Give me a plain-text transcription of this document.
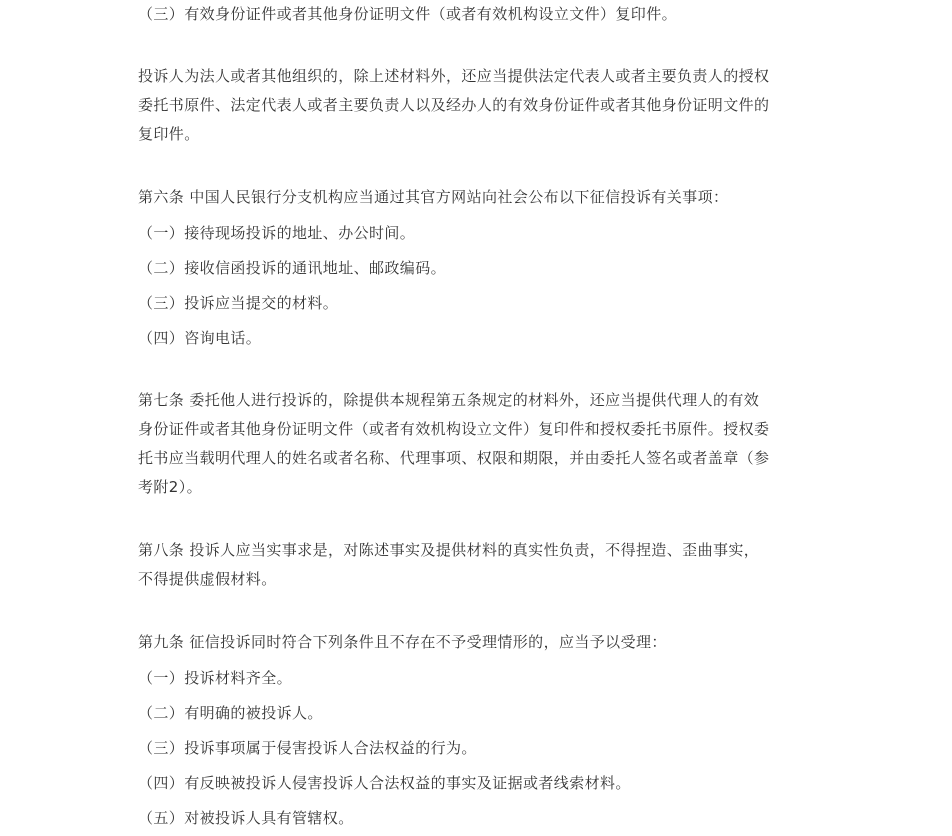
（三）有效身份证件或者其他身份证明文件（或者有效机构设立文件）复印件。
投诉人为法人或者其他组织的，除上述材料外，还应当提供法定代表人或者主要负责人的授权
委托书原件、法定代表人或者主要负责人以及经办人的有效身份证件或者其他身份证明文件的
复印件。
第六条 中国人民银行分支机构应当通过其官方网站向社会公布以下征信投诉有关事项：
（一）接待现场投诉的地址、办公时间。
（二）接收信函投诉的通讯地址、邮政编码。
（三）投诉应当提交的材料。
（四）咨询电话。
第七条 委托他人进行投诉的，除提供本规程第五条规定的材料外，还应当提供代理人的有效
身份证件或者其他身份证明文件（或者有效机构设立文件）复印件和授权委托书原件。授权委
托书应当载明代理人的姓名或者名称、代理事项、权限和期限，并由委托人签名或者盖章（参
考附2）。
第八条 投诉人应当实事求是，对陈述事实及提供材料的真实性负责，不得捏造、歪曲事实，
不得提供虚假材料。
第九条 征信投诉同时符合下列条件且不存在不予受理情形的，应当予以受理：
（一）投诉材料齐全。
（二）有明确的被投诉人。
（三）投诉事项属于侵害投诉人合法权益的行为。
（四）有反映被投诉人侵害投诉人合法权益的事实及证据或者线索材料。
（五）对被投诉人具有管辖权。
